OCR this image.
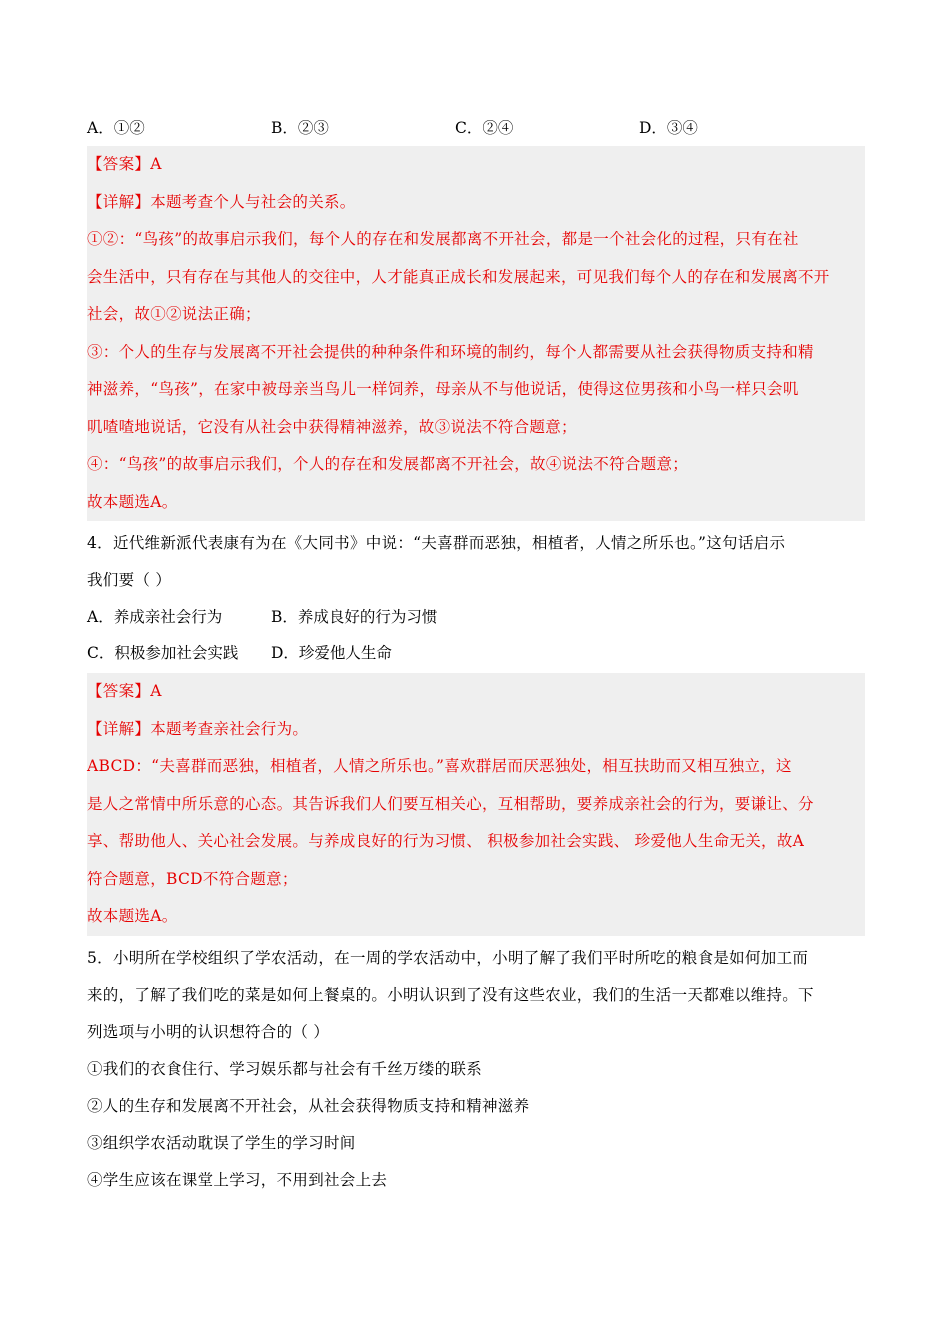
A．①②	B．②③	C．②④	D．③④
【答案】A
【详解】本题考查个人与社会的关系。
①②：“鸟孩”的故事启示我们，每个人的存在和发展都离不开社会，都是一个社会化的过程，只有在社
会生活中，只有存在与其他人的交往中，人才能真正成长和发展起来，可见我们每个人的存在和发展离不开
社会，故①②说法正确；
③：个人的生存与发展离不开社会提供的种种条件和环境的制约，每个人都需要从社会获得物质支持和精
神滋养，“鸟孩”，在家中被母亲当鸟儿一样饲养，母亲从不与他说话，使得这位男孩和小鸟一样只会叽
叽喳喳地说话，它没有从社会中获得精神滋养，故③说法不符合题意；
④：“鸟孩”的故事启示我们，个人的存在和发展都离不开社会，故④说法不符合题意；
故本题选A。
4．近代维新派代表康有为在《大同书》中说：“夫喜群而恶独，相植者，人情之所乐也。”这句话启示
我们要（ ）
A．养成亲社会行为	B．养成良好的行为习惯
C．积极参加社会实践	D．珍爱他人生命
【答案】A
【详解】本题考查亲社会行为。
ABCD：“夫喜群而恶独，相植者，人情之所乐也。”喜欢群居而厌恶独处，相互扶助而又相互独立，这
是人之常情中所乐意的心态。其告诉我们人们要互相关心，互相帮助，要养成亲社会的行为，要谦让、分
享、帮助他人、关心社会发展。与养成良好的行为习惯、 积极参加社会实践、 珍爱他人生命无关，故A
符合题意，BCD不符合题意；
故本题选A。
5．小明所在学校组织了学农活动，在一周的学农活动中，小明了解了我们平时所吃的粮食是如何加工而
来的，了解了我们吃的菜是如何上餐桌的。小明认识到了没有这些农业，我们的生活一天都难以维持。下
列选项与小明的认识想符合的（ ）
①我们的衣食住行、学习娱乐都与社会有千丝万缕的联系
②人的生存和发展离不开社会，从社会获得物质支持和精神滋养
③组织学农活动耽误了学生的学习时间
④学生应该在课堂上学习，不用到社会上去
